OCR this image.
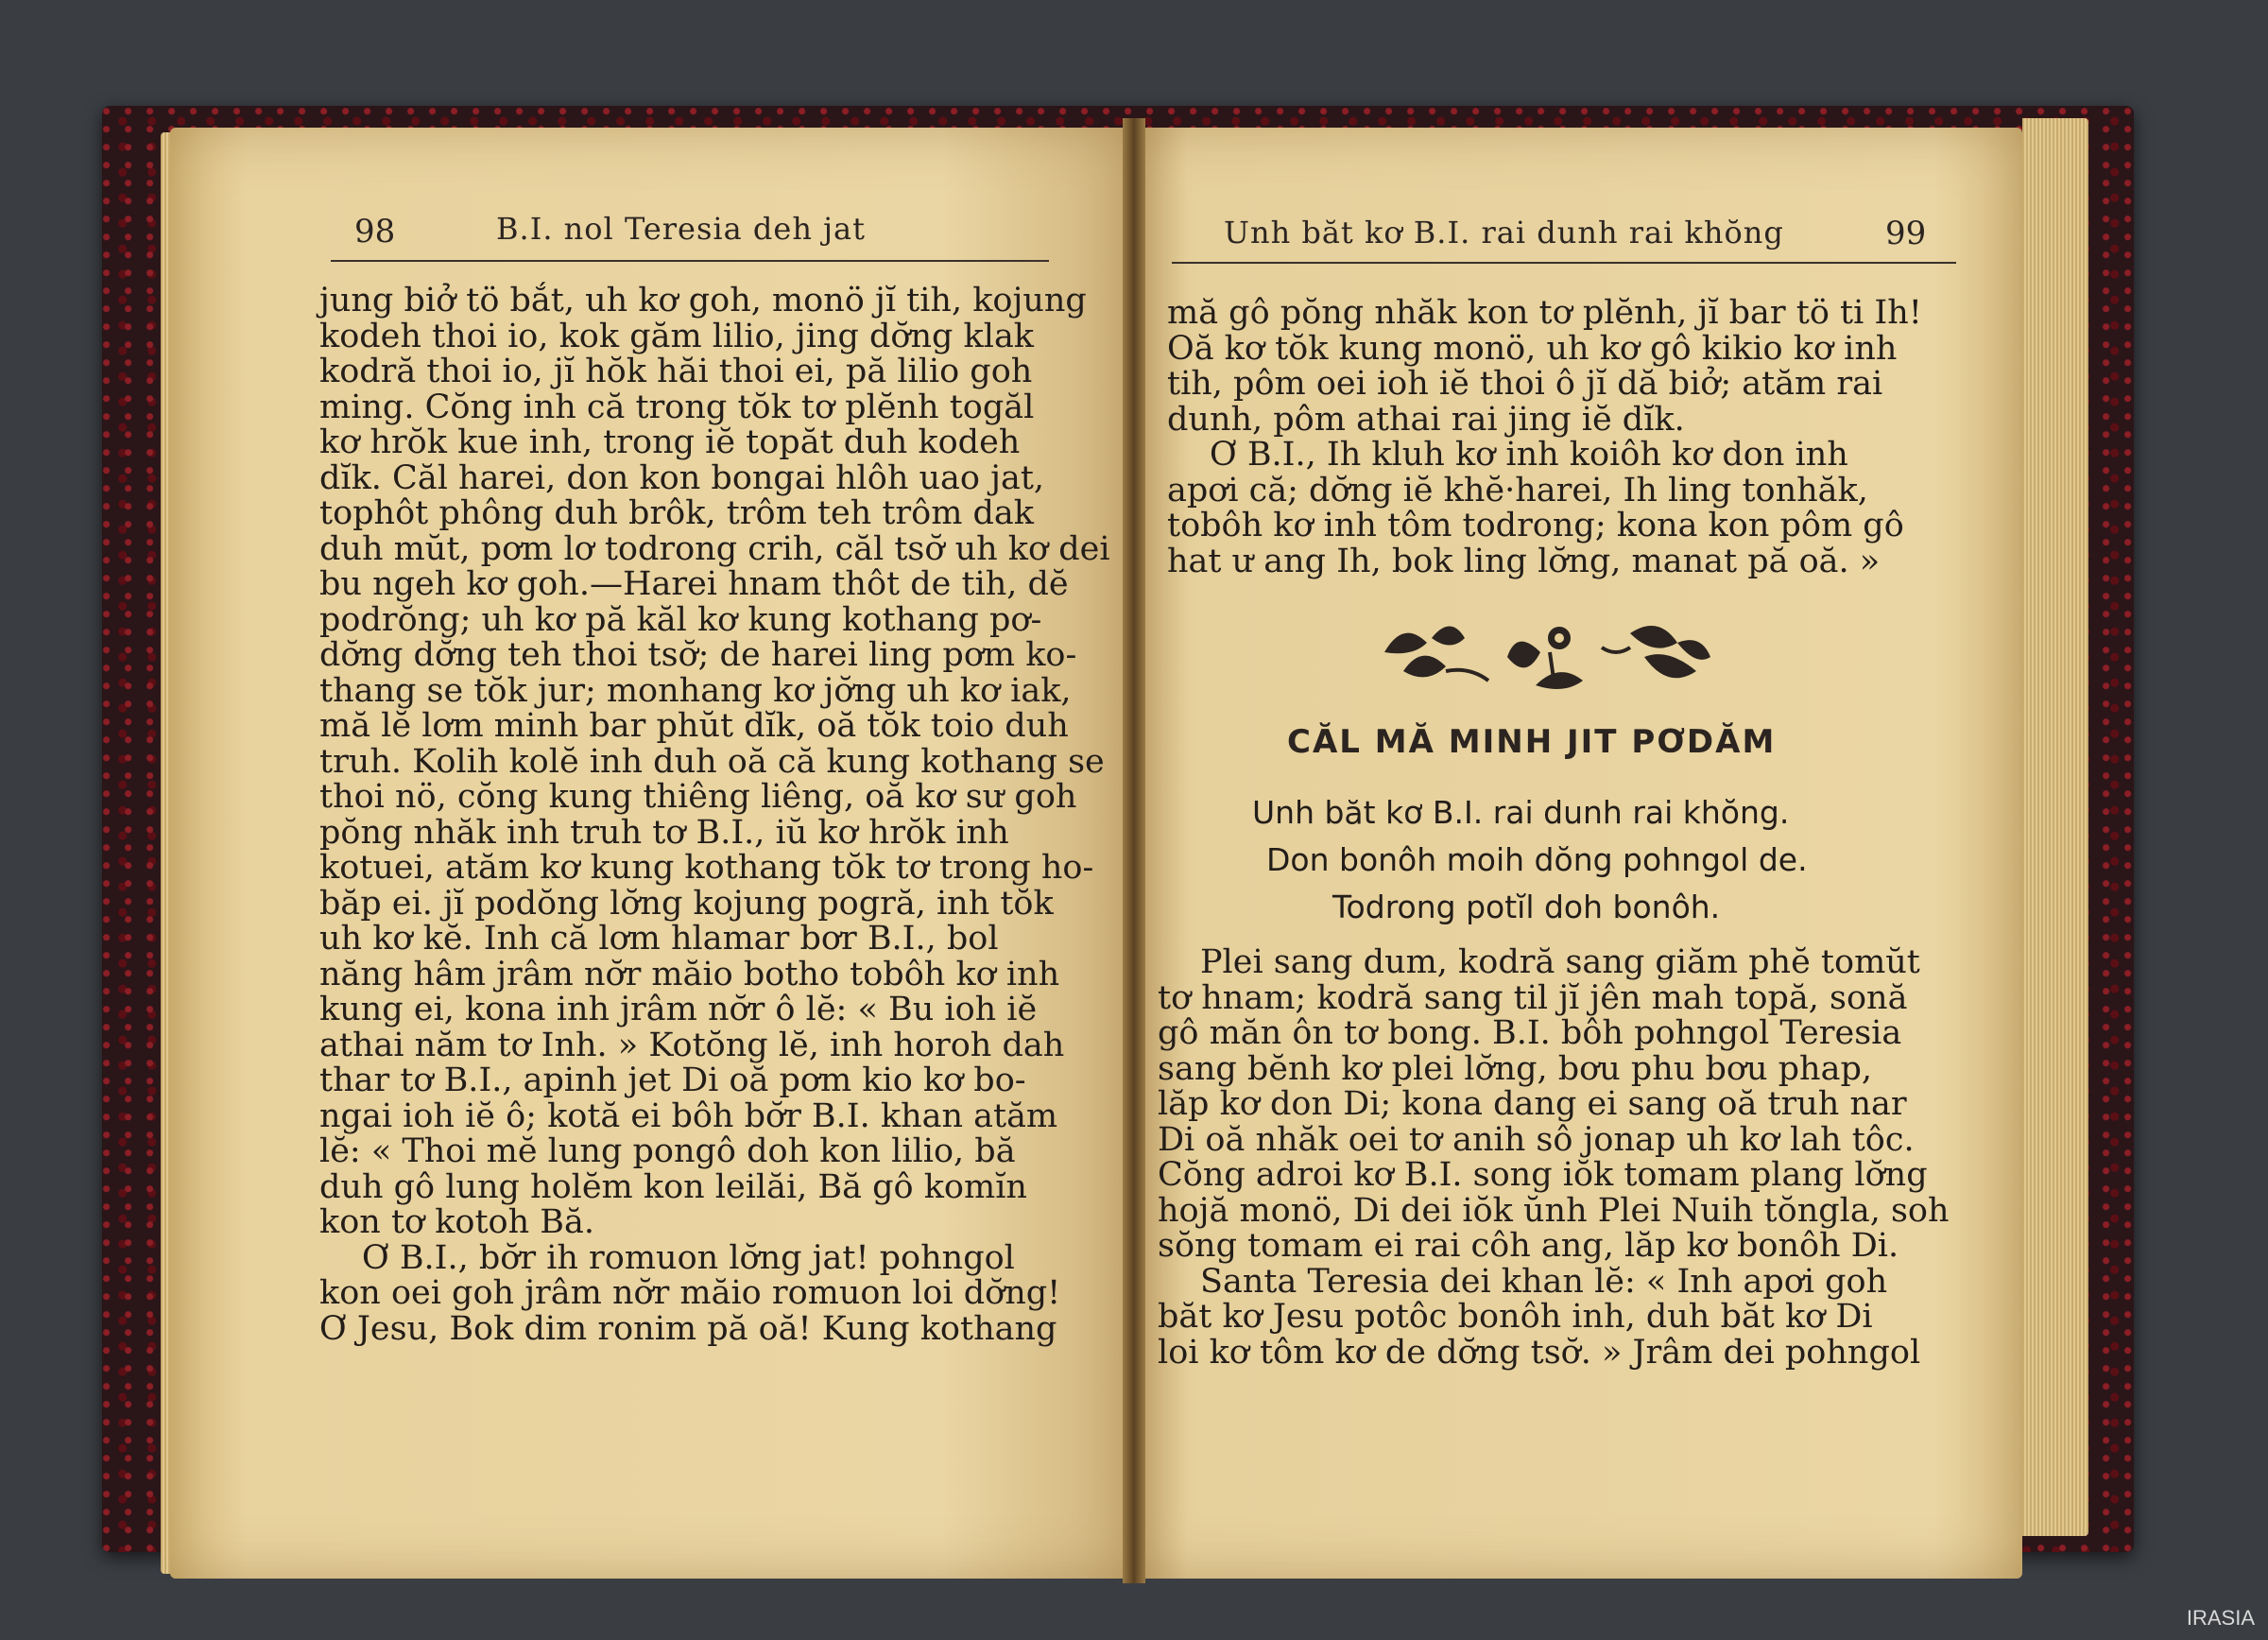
98	B.I. nol Teresia deh jat

jung biở tö bắt, uh kơ goh, monö jĭ tih, kojung

kodeh thoi io, kok găm lilio, jing dơ̆ng klak

kodră thoi io, jĭ hŏk hăi thoi ei, pă lilio goh

ming. Cŏng inh că trong tŏk tơ plĕnh togăl

kơ hrŏk kue inh, trong iĕ topăt duh kodeh

dĭk. Căl harei, don kon bongai hlôh uao jat,

tophôt phông duh brôk, trôm teh trôm dak

duh mŭt, pơm lơ todrong crih, căl tsơ̆ uh kơ dei

bu ngeh kơ goh.—Harei hnam thôt de tih, dĕ

podrŏng; uh kơ pă kăl kơ kung kothang pơ-

dơ̆ng dơ̆ng teh thoi tsơ̆; de harei ling pơm ko-

thang se tŏk jur; monhang kơ jơ̆ng uh kơ iak,

mă lĕ lơm minh bar phŭt dĭk, oă tŏk toio duh

truh. Kolih kolĕ inh duh oă că kung kothang se

thoi nö, cŏng kung thiêng liêng, oă kơ sư goh

pŏng nhăk inh truh tơ B.I., iŭ kơ hrŏk inh

kotuei, atăm kơ kung kothang tŏk tơ trong ho-

băp ei. jĭ podŏng lơ̆ng kojung pogră, inh tŏk

uh kơ kĕ. Inh că lơm hlamar bơr B.I., bol

năng hâm jrâm nơ̆r măio botho tobôh kơ inh

kung ei, kona inh jrâm nơ̆r ô lĕ: « Bu ioh iĕ

athai năm tơ Inh. » Kotŏng lĕ, inh horoh dah

thar tơ B.I., apinh jet Di oă pơm kio kơ bo-

ngai ioh iĕ ô; kotă ei bôh bơ̆r B.I. khan atăm

lĕ: « Thoi mĕ lung pongô doh kon lilio, bă

duh gô lung holĕm kon leilăi, Bă gô komĭn

kon tơ kotoh Bă.

Ơ B.I., bơ̆r ih romuon lơ̆ng jat! pohngol

kon oei goh jrâm nơ̆r măio romuon loi dơ̆ng!

Ơ Jesu, Bok dim ronim pă oă! Kung kothang

Unh băt kơ B.I. rai dunh rai khŏng	99

mă gô pŏng nhăk kon tơ plĕnh, jĭ bar tö ti Ih!

Oă kơ tŏk kung monö, uh kơ gô kikio kơ inh

tih, pôm oei ioh iĕ thoi ô jĭ dă biở; atăm rai

dunh, pôm athai rai jing iĕ dĭk.

Ơ B.I., Ih kluh kơ inh koiôh kơ don inh

apơi că; dơ̆ng iĕ khĕ·harei, Ih ling tonhăk,

tobôh kơ inh tôm todrong; kona kon pôm gô

hat ư ang Ih, bok ling lơ̆ng, manat pă oă. »

CĂL MĂ MINH JIT PƠDĂM
Unh băt kơ B.I. rai dunh rai khŏng.
Don bonôh moih dŏng pohngol de.
Todrong potĭl doh bonôh.

Plei sang dum, kodră sang giăm phĕ tomŭt

tơ hnam; kodră sang til jĭ jên mah topă, sonă

gô măn ôn tơ bong. B.I. bôh pohngol Teresia

sang bĕnh kơ plei lơ̆ng, bơu phu bơu phap,

lăp kơ don Di; kona dang ei sang oă truh nar

Di oă nhăk oei tơ anih sô jonap uh kơ lah tôc.

Cŏng adroi kơ B.I. song iŏk tomam plang lơ̆ng

hojă monö, Di dei iŏk ŭnh Plei Nuih tŏngla, soh

sŏng tomam ei rai côh ang, lăp kơ bonôh Di.

Santa Teresia dei khan lĕ: « Inh apơi goh

băt kơ Jesu potôc bonôh inh, duh băt kơ Di

loi kơ tôm kơ de dơ̆ng tsơ̆. » Jrâm dei pohngol

IRASIA
